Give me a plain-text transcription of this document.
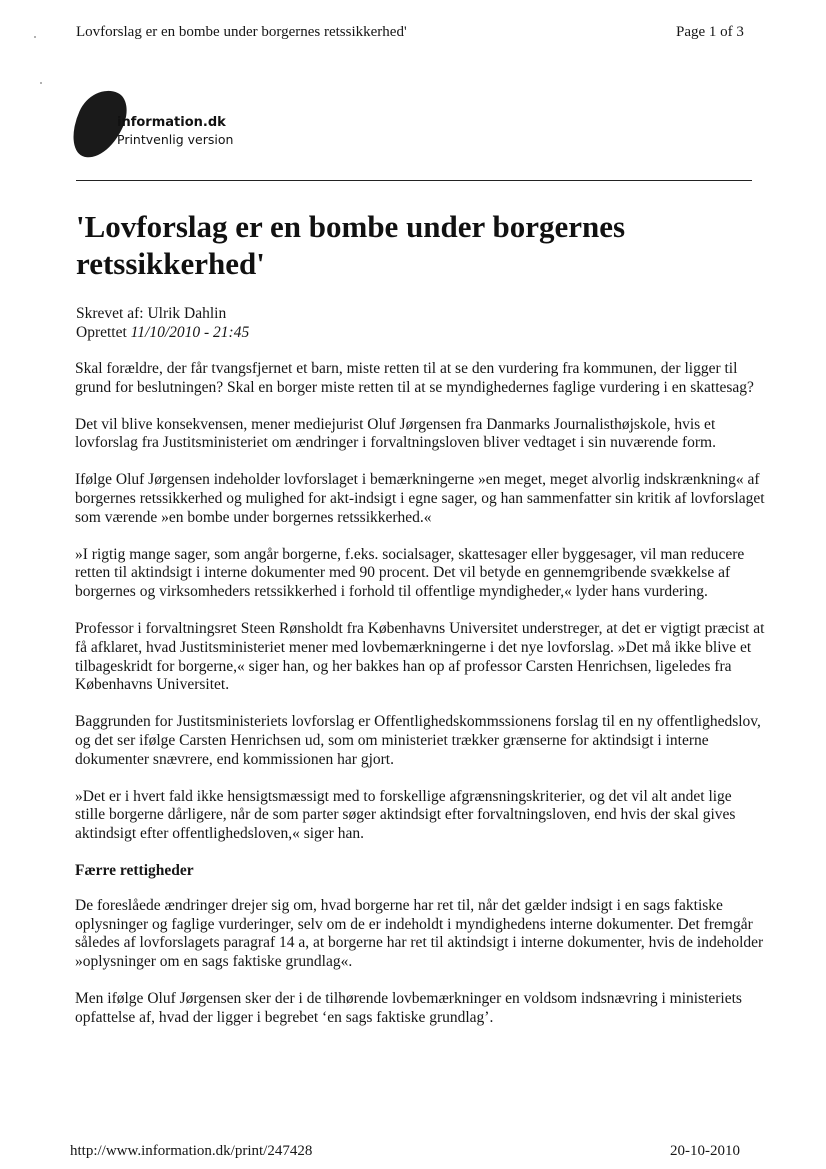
Lovforslag er en bombe under borgernes retssikkerhed'	Page 1 of 3
information.dk
Printvenlig version
'Lovforslag er en bombe under borgernes retssikkerhed'
Skrevet af: Ulrik Dahlin
Oprettet 11/10/2010 - 21:45

Skal forældre, der får tvangsfjernet et barn, miste retten til at se den vurdering fra kommunen, der ligger til grund for beslutningen? Skal en borger miste retten til at se myndighedernes faglige vurdering i en skattesag?

Det vil blive konsekvensen, mener mediejurist Oluf Jørgensen fra Danmarks Journalisthøjskole, hvis et lovforslag fra Justitsministeriet om ændringer i forvaltningsloven bliver vedtaget i sin nuværende form.

Ifølge Oluf Jørgensen indeholder lovforslaget i bemærkningerne »en meget, meget alvorlig indskrænkning« af borgernes retssikkerhed og mulighed for akt-indsigt i egne sager, og han sammenfatter sin kritik af lovforslaget som værende »en bombe under borgernes retssikkerhed.«

»I rigtig mange sager, som angår borgerne, f.eks. socialsager, skattesager eller byggesager, vil man reducere retten til aktindsigt i interne dokumenter med 90 procent. Det vil betyde en gennemgribende svækkelse af borgernes og virksomheders retssikkerhed i forhold til offentlige myndigheder,« lyder hans vurdering.

Professor i forvaltningsret Steen Rønsholdt fra Københavns Universitet understreger, at det er vigtigt præcist at få afklaret, hvad Justitsministeriet mener med lovbemærkningerne i det nye lovforslag. »Det må ikke blive et tilbageskridt for borgerne,« siger han, og her bakkes han op af professor Carsten Henrichsen, ligeledes fra Københavns Universitet.

Baggrunden for Justitsministeriets lovforslag er Offentlighedskommssionens forslag til en ny offentlighedslov, og det ser ifølge Carsten Henrichsen ud, som om ministeriet trækker grænserne for aktindsigt i interne dokumenter snævrere, end kommissionen har gjort.

»Det er i hvert fald ikke hensigtsmæssigt med to forskellige afgrænsningskriterier, og det vil alt andet lige stille borgerne dårligere, når de som parter søger aktindsigt efter forvaltningsloven, end hvis der skal gives aktindsigt efter offentlighedsloven,« siger han.

Færre rettigheder

De foreslåede ændringer drejer sig om, hvad borgerne har ret til, når det gælder indsigt i en sags faktiske oplysninger og faglige vurderinger, selv om de er indeholdt i myndighedens interne dokumenter. Det fremgår således af lovforslagets paragraf 14 a, at borgerne har ret til aktindsigt i interne dokumenter, hvis de indeholder »oplysninger om en sags faktiske grundlag«.

Men ifølge Oluf Jørgensen sker der i de tilhørende lovbemærkninger en voldsom indsnævring i ministeriets opfattelse af, hvad der ligger i begrebet ‘en sags faktiske grundlag’.

http://www.information.dk/print/247428	20-10-2010
